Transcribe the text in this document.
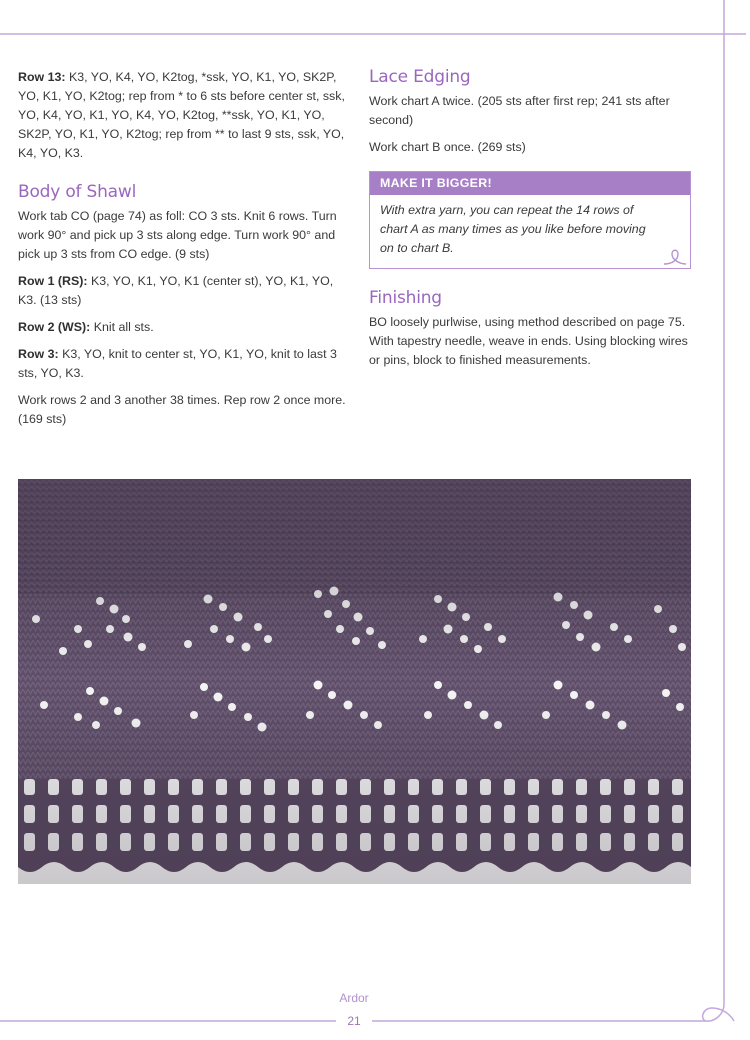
Row 13: K3, YO, K4, YO, K2tog, *ssk, YO, K1, YO, SK2P, YO, K1, YO, K2tog; rep from * to 6 sts before center st, ssk, YO, K4, YO, K1, YO, K4, YO, K2tog, **ssk, YO, K1, YO, SK2P, YO, K1, YO, K2tog; rep from ** to last 9 sts, ssk, YO, K4, YO, K3.

Body of Shawl

Work tab CO (page 74) as foll: CO 3 sts. Knit 6 rows. Turn work 90° and pick up 3 sts along edge. Turn work 90° and pick up 3 sts from CO edge. (9 sts)

Row 1 (RS): K3, YO, K1, YO, K1 (center st), YO, K1, YO, K3. (13 sts)

Row 2 (WS): Knit all sts.

Row 3: K3, YO, knit to center st, YO, K1, YO, knit to last 3 sts, YO, K3.

Work rows 2 and 3 another 38 times. Rep row 2 once more. (169 sts)

Lace Edging

Work chart A twice. (205 sts after first rep; 241 sts after second)

Work chart B once. (269 sts)

MAKE IT BIGGER!
With extra yarn, you can repeat the 14 rows of chart A as many times as you like before moving on to chart B.
Finishing

BO loosely purlwise, using method described on page 75. With tapestry needle, weave in ends. Using blocking wires or pins, block to finished measurements.

Ardor
21
